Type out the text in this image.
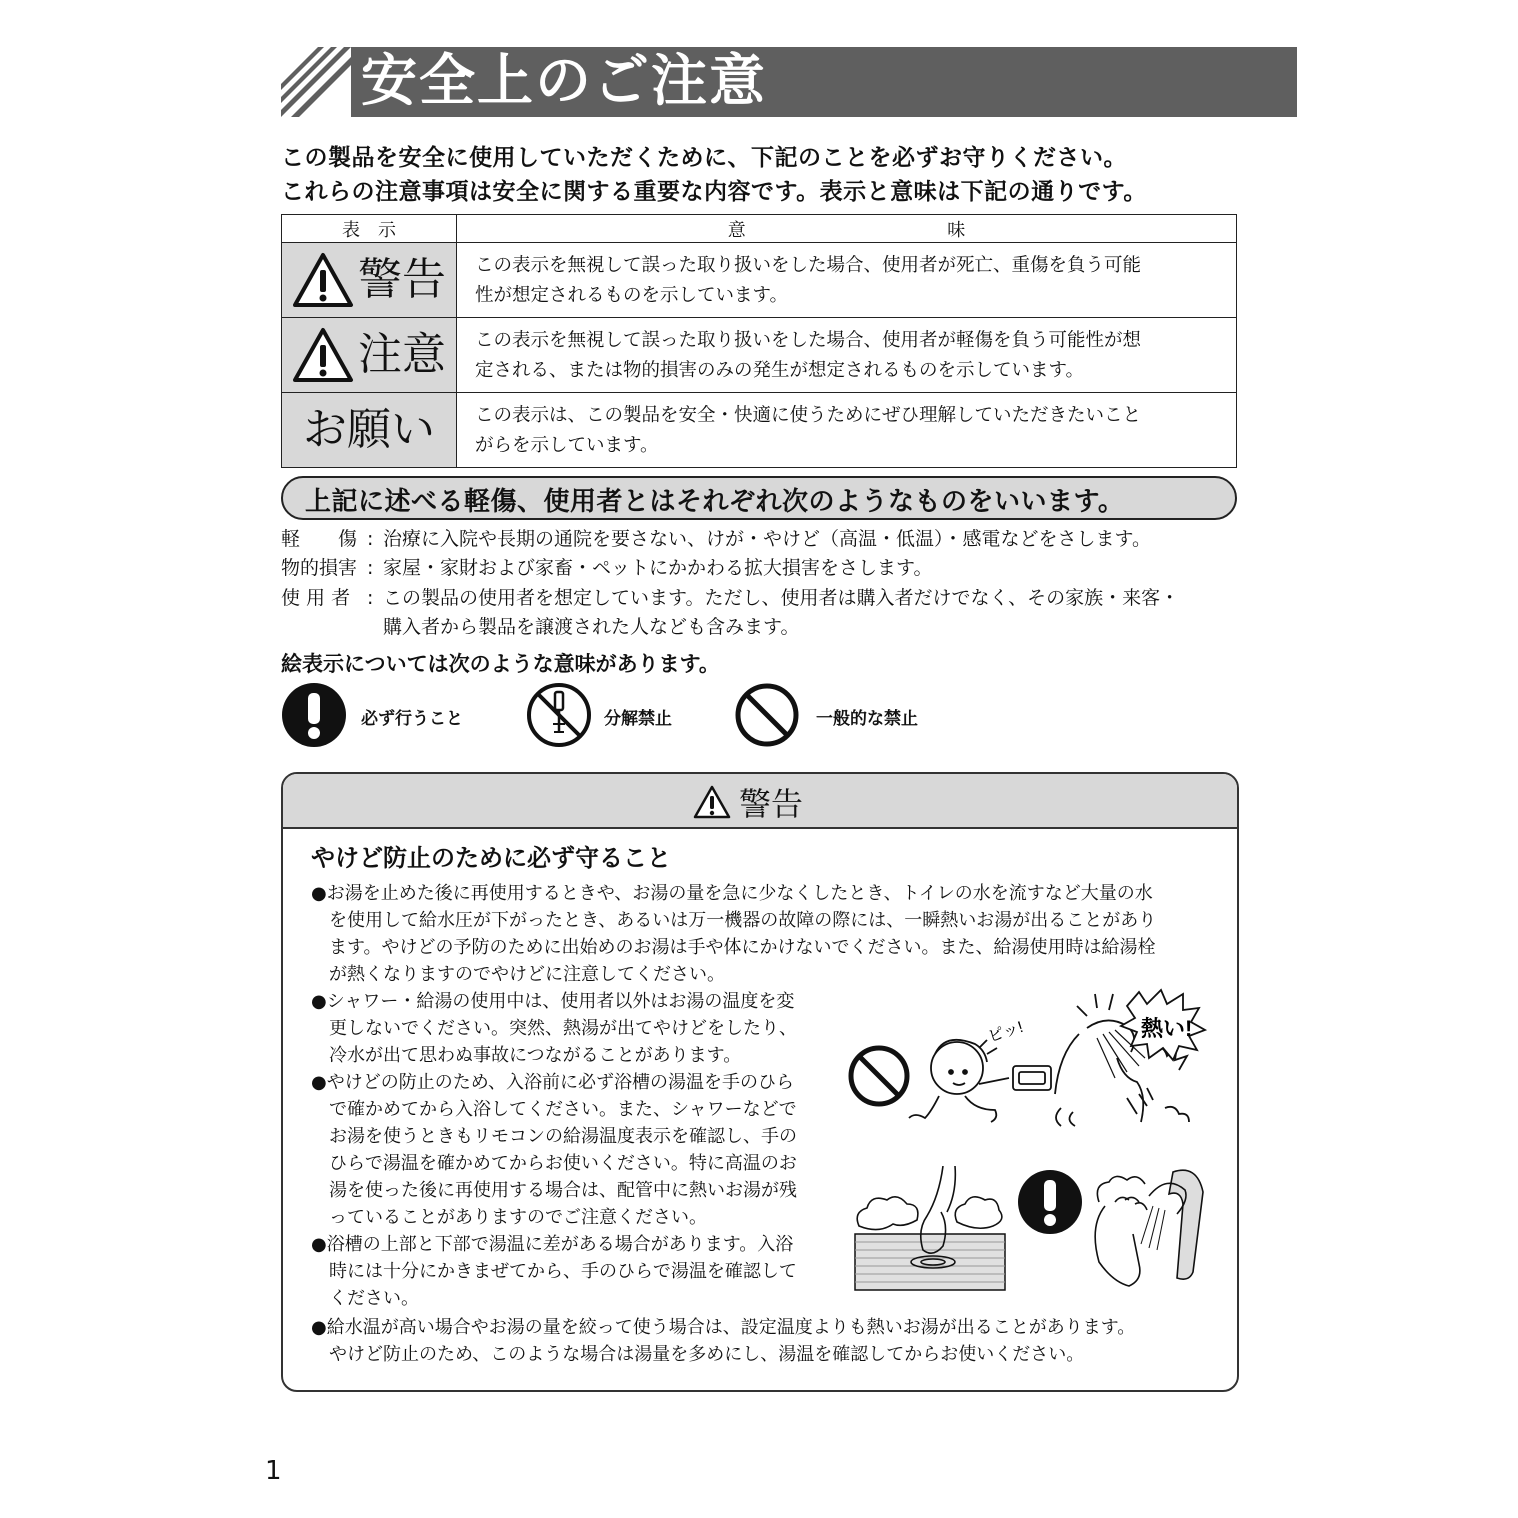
安全上のご注意
この製品を安全に使用していただくために、下記のことを必ずお守りください。
これらの注意事項は安全に関する重要な内容です。表示と意味は下記の通りです。
表　示	意 味

警告	この表示を無視して誤った取り扱いをした場合、使用者が死亡、重傷を負う可能
性が想定されるものを示しています。

注意	この表示を無視して誤った取り扱いをした場合、使用者が軽傷を負う可能性が想
定される、または物的損害のみの発生が想定されるものを示しています。

お願い	この表示は、この製品を安全・快適に使うためにぜひ理解していただきたいこと
がらを示しています。
上記に述べる軽傷、使用者とはそれぞれ次のようなものをいいます。
軽　　傷 : 治療に入院や長期の通院を要さない、けが・やけど（高温・低温）・感電などをさします。
物的損害 : 家屋・家財および家畜・ペットにかかわる拡大損害をさします。
使 用 者 : この製品の使用者を想定しています。ただし、使用者は購入者だけでなく、その家族・来客・
購入者から製品を譲渡された人なども含みます。
絵表示については次のような意味があります。
必ず行うこと	分解禁止	一般的な禁止
警告
やけど防止のために必ず守ること
●お湯を止めた後に再使用するときや、お湯の量を急に少なくしたとき、トイレの水を流すなど大量の水
を使用して給水圧が下がったとき、あるいは万一機器の故障の際には、一瞬熱いお湯が出ることがあり
ます。やけどの予防のために出始めのお湯は手や体にかけないでください。また、給湯使用時は給湯栓
が熱くなりますのでやけどに注意してください。
●シャワー・給湯の使用中は、使用者以外はお湯の温度を変
更しないでください。突然、熱湯が出てやけどをしたり、
冷水が出て思わぬ事故につながることがあります。
●やけどの防止のため、入浴前に必ず浴槽の湯温を手のひら
で確かめてから入浴してください。また、シャワーなどで
お湯を使うときもリモコンの給湯温度表示を確認し、手の
ひらで湯温を確かめてからお使いください。特に高温のお
湯を使った後に再使用する場合は、配管中に熱いお湯が残
っていることがありますのでご注意ください。
●浴槽の上部と下部で湯温に差がある場合があります。入浴
時には十分にかきまぜてから、手のひらで湯温を確認して
ください。
●給水温が高い場合やお湯の量を絞って使う場合は、設定温度よりも熱いお湯が出ることがあります。
やけど防止のため、このような場合は湯量を多めにし、湯温を確認してからお使いください。
ピッ!	熱い!
1
